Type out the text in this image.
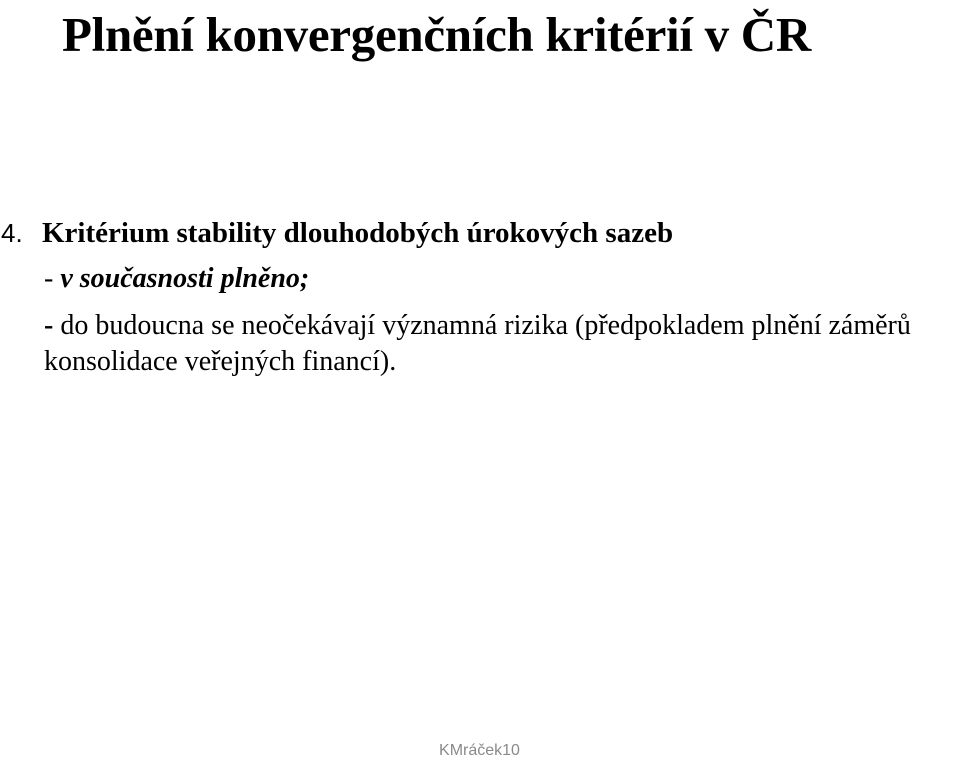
Plnění konvergenčních kritérií v ČR
4. Kritérium stability dlouhodobých úrokových sazeb
- v současnosti plněno;

- do budoucna se neočekávají významná rizika (předpokladem plnění záměrů konsolidace veřejných financí).

KMráček10
